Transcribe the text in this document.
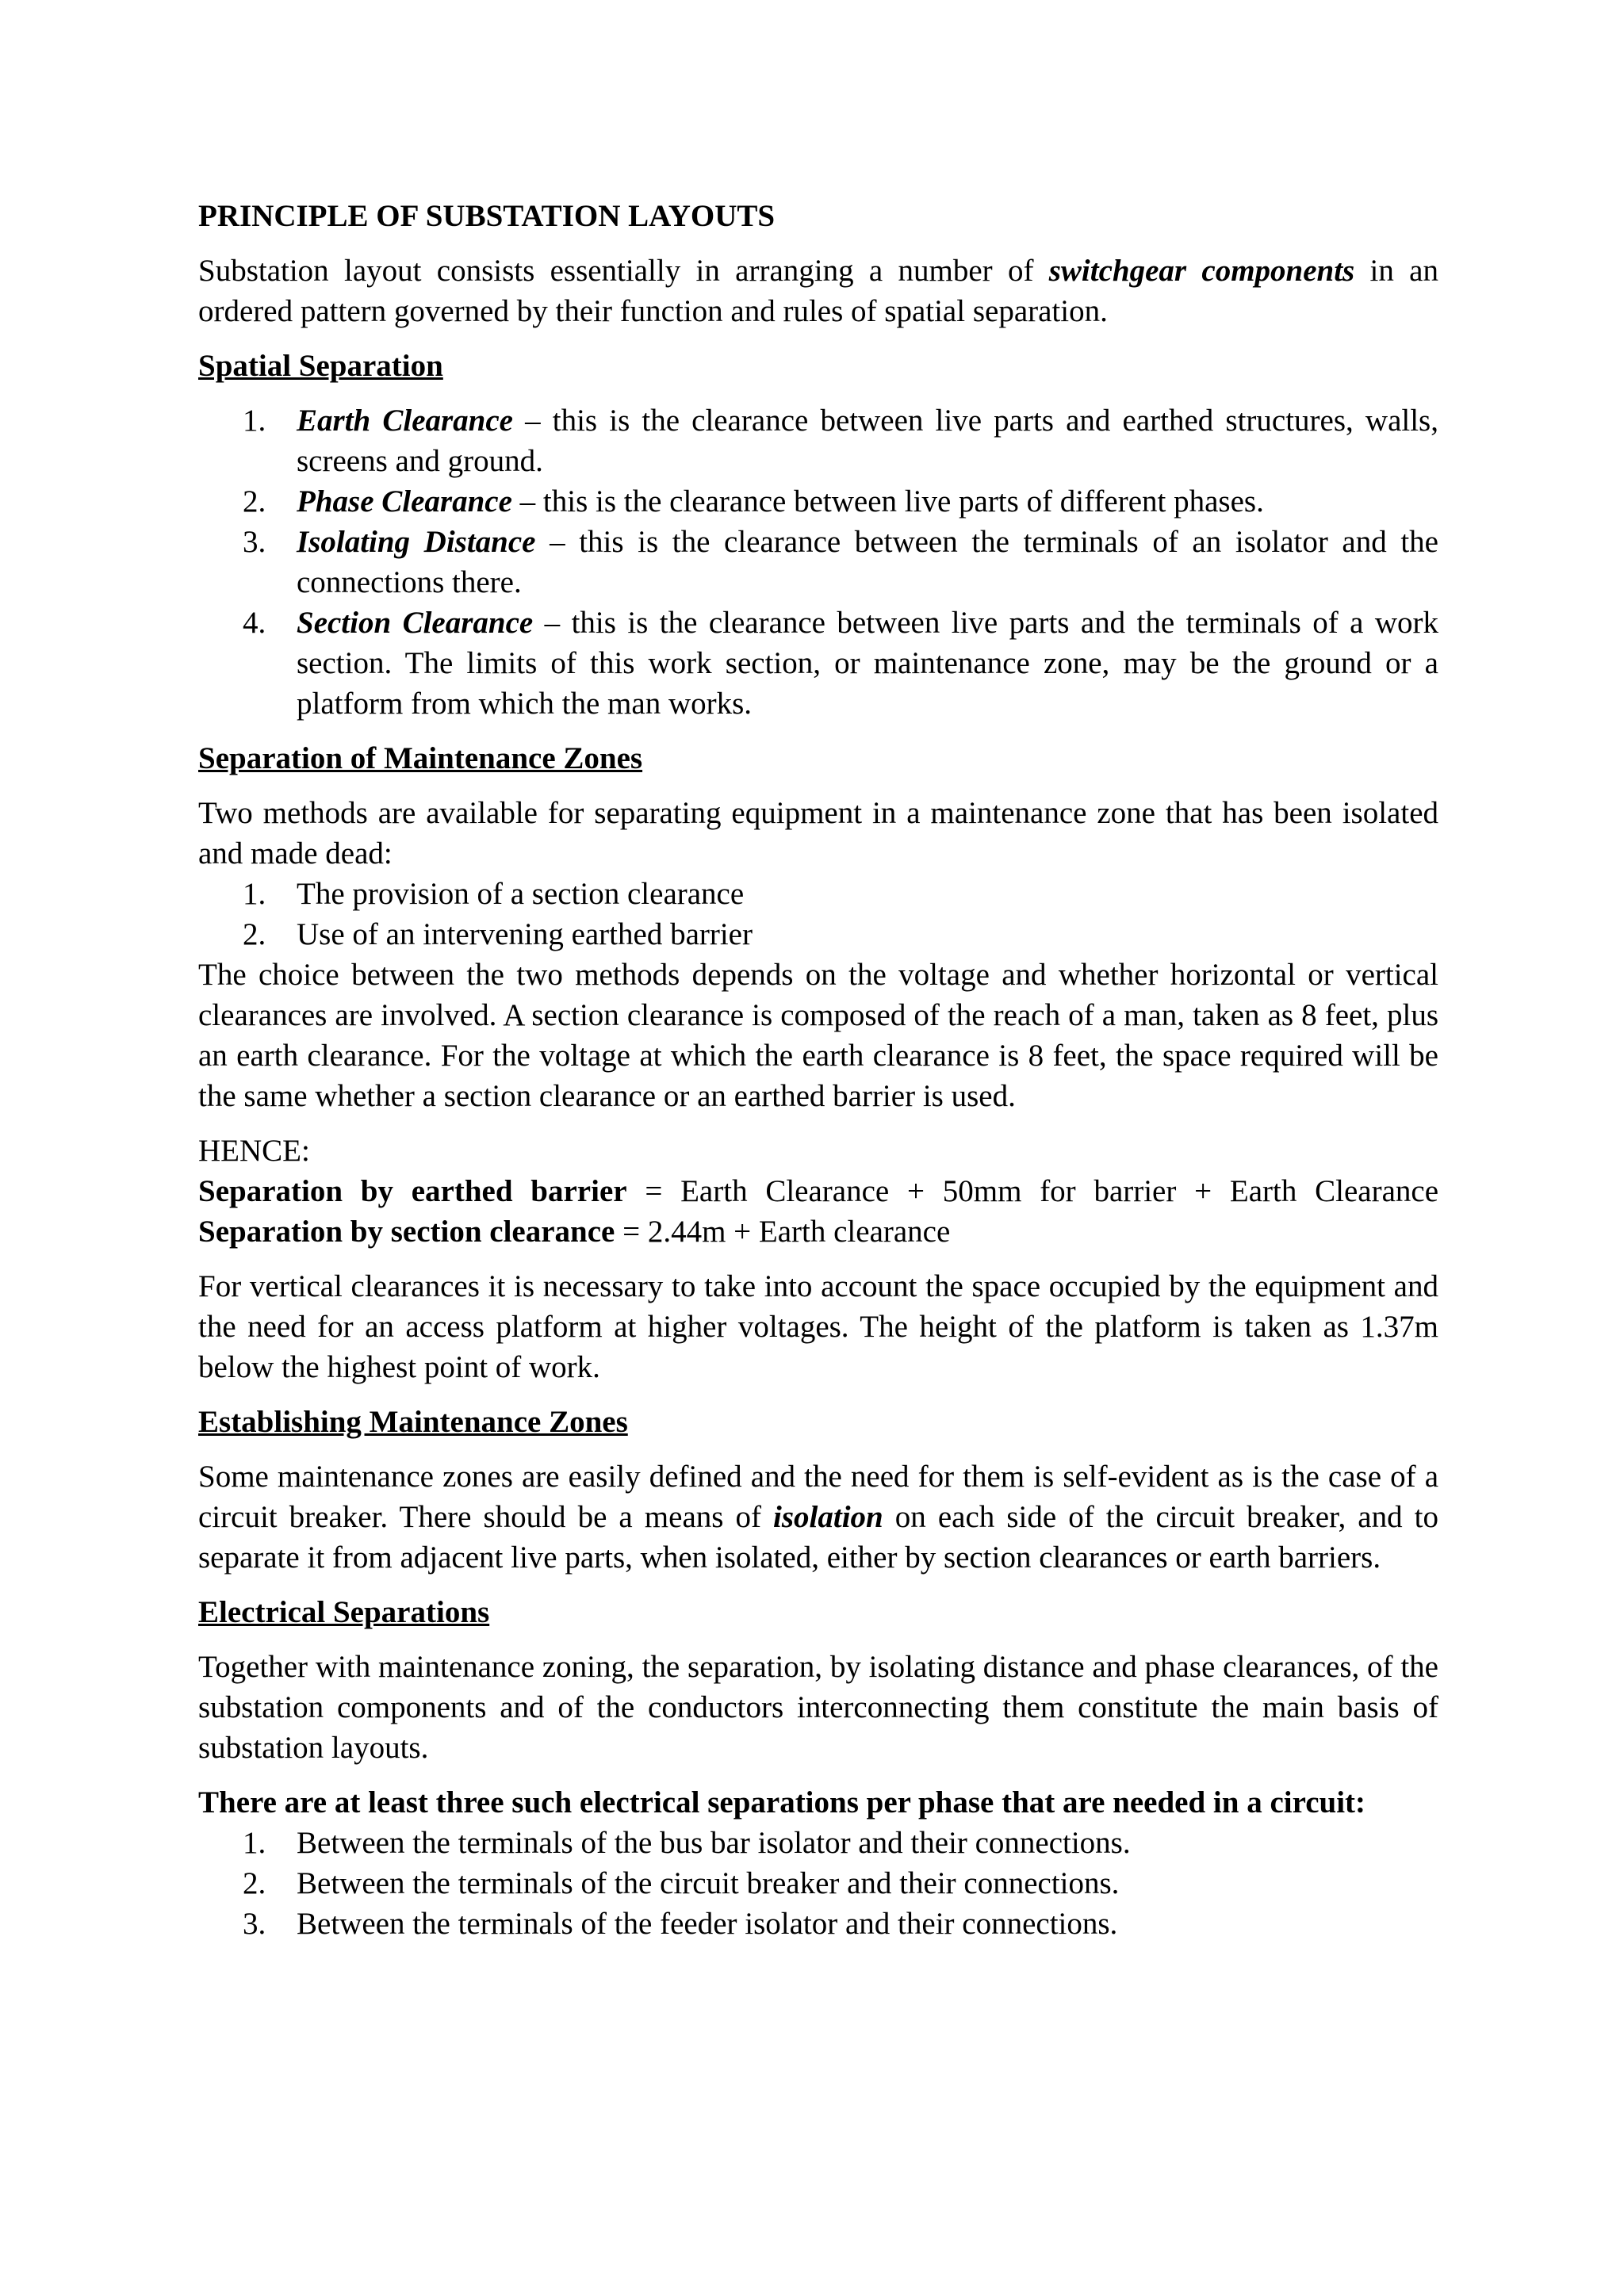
PRINCIPLE OF SUBSTATION LAYOUTS

Substation layout consists essentially in arranging a number of switchgear components in an ordered pattern governed by their function and rules of spatial separation.

Spatial Separation
1. Earth Clearance – this is the clearance between live parts and earthed structures, walls, screens and ground.
2. Phase Clearance – this is the clearance between live parts of different phases.
3. Isolating Distance – this is the clearance between the terminals of an isolator and the connections there.
4. Section Clearance – this is the clearance between live parts and the terminals of a work section. The limits of this work section, or maintenance zone, may be the ground or a platform from which the man works.
Separation of Maintenance Zones

Two methods are available for separating equipment in a maintenance zone that has been isolated and made dead:

1. The provision of a section clearance
2. Use of an intervening earthed barrier

The choice between the two methods depends on the voltage and whether horizontal or vertical clearances are involved. A section clearance is composed of the reach of a man, taken as 8 feet, plus an earth clearance. For the voltage at which the earth clearance is 8 feet, the space required will be the same whether a section clearance or an earthed barrier is used.

HENCE:

Separation by earthed barrier = Earth Clearance + 50mm for barrier + Earth Clearance

Separation by section clearance = 2.44m + Earth clearance

For vertical clearances it is necessary to take into account the space occupied by the equipment and the need for an access platform at higher voltages. The height of the platform is taken as 1.37m below the highest point of work.

Establishing Maintenance Zones

Some maintenance zones are easily defined and the need for them is self-evident as is the case of a circuit breaker. There should be a means of isolation on each side of the circuit breaker, and to separate it from adjacent live parts, when isolated, either by section clearances or earth barriers.

Electrical Separations

Together with maintenance zoning, the separation, by isolating distance and phase clearances, of the substation components and of the conductors interconnecting them constitute the main basis of substation layouts.

There are at least three such electrical separations per phase that are needed in a circuit:
1. Between the terminals of the bus bar isolator and their connections.
2. Between the terminals of the circuit breaker and their connections.
3. Between the terminals of the feeder isolator and their connections.
